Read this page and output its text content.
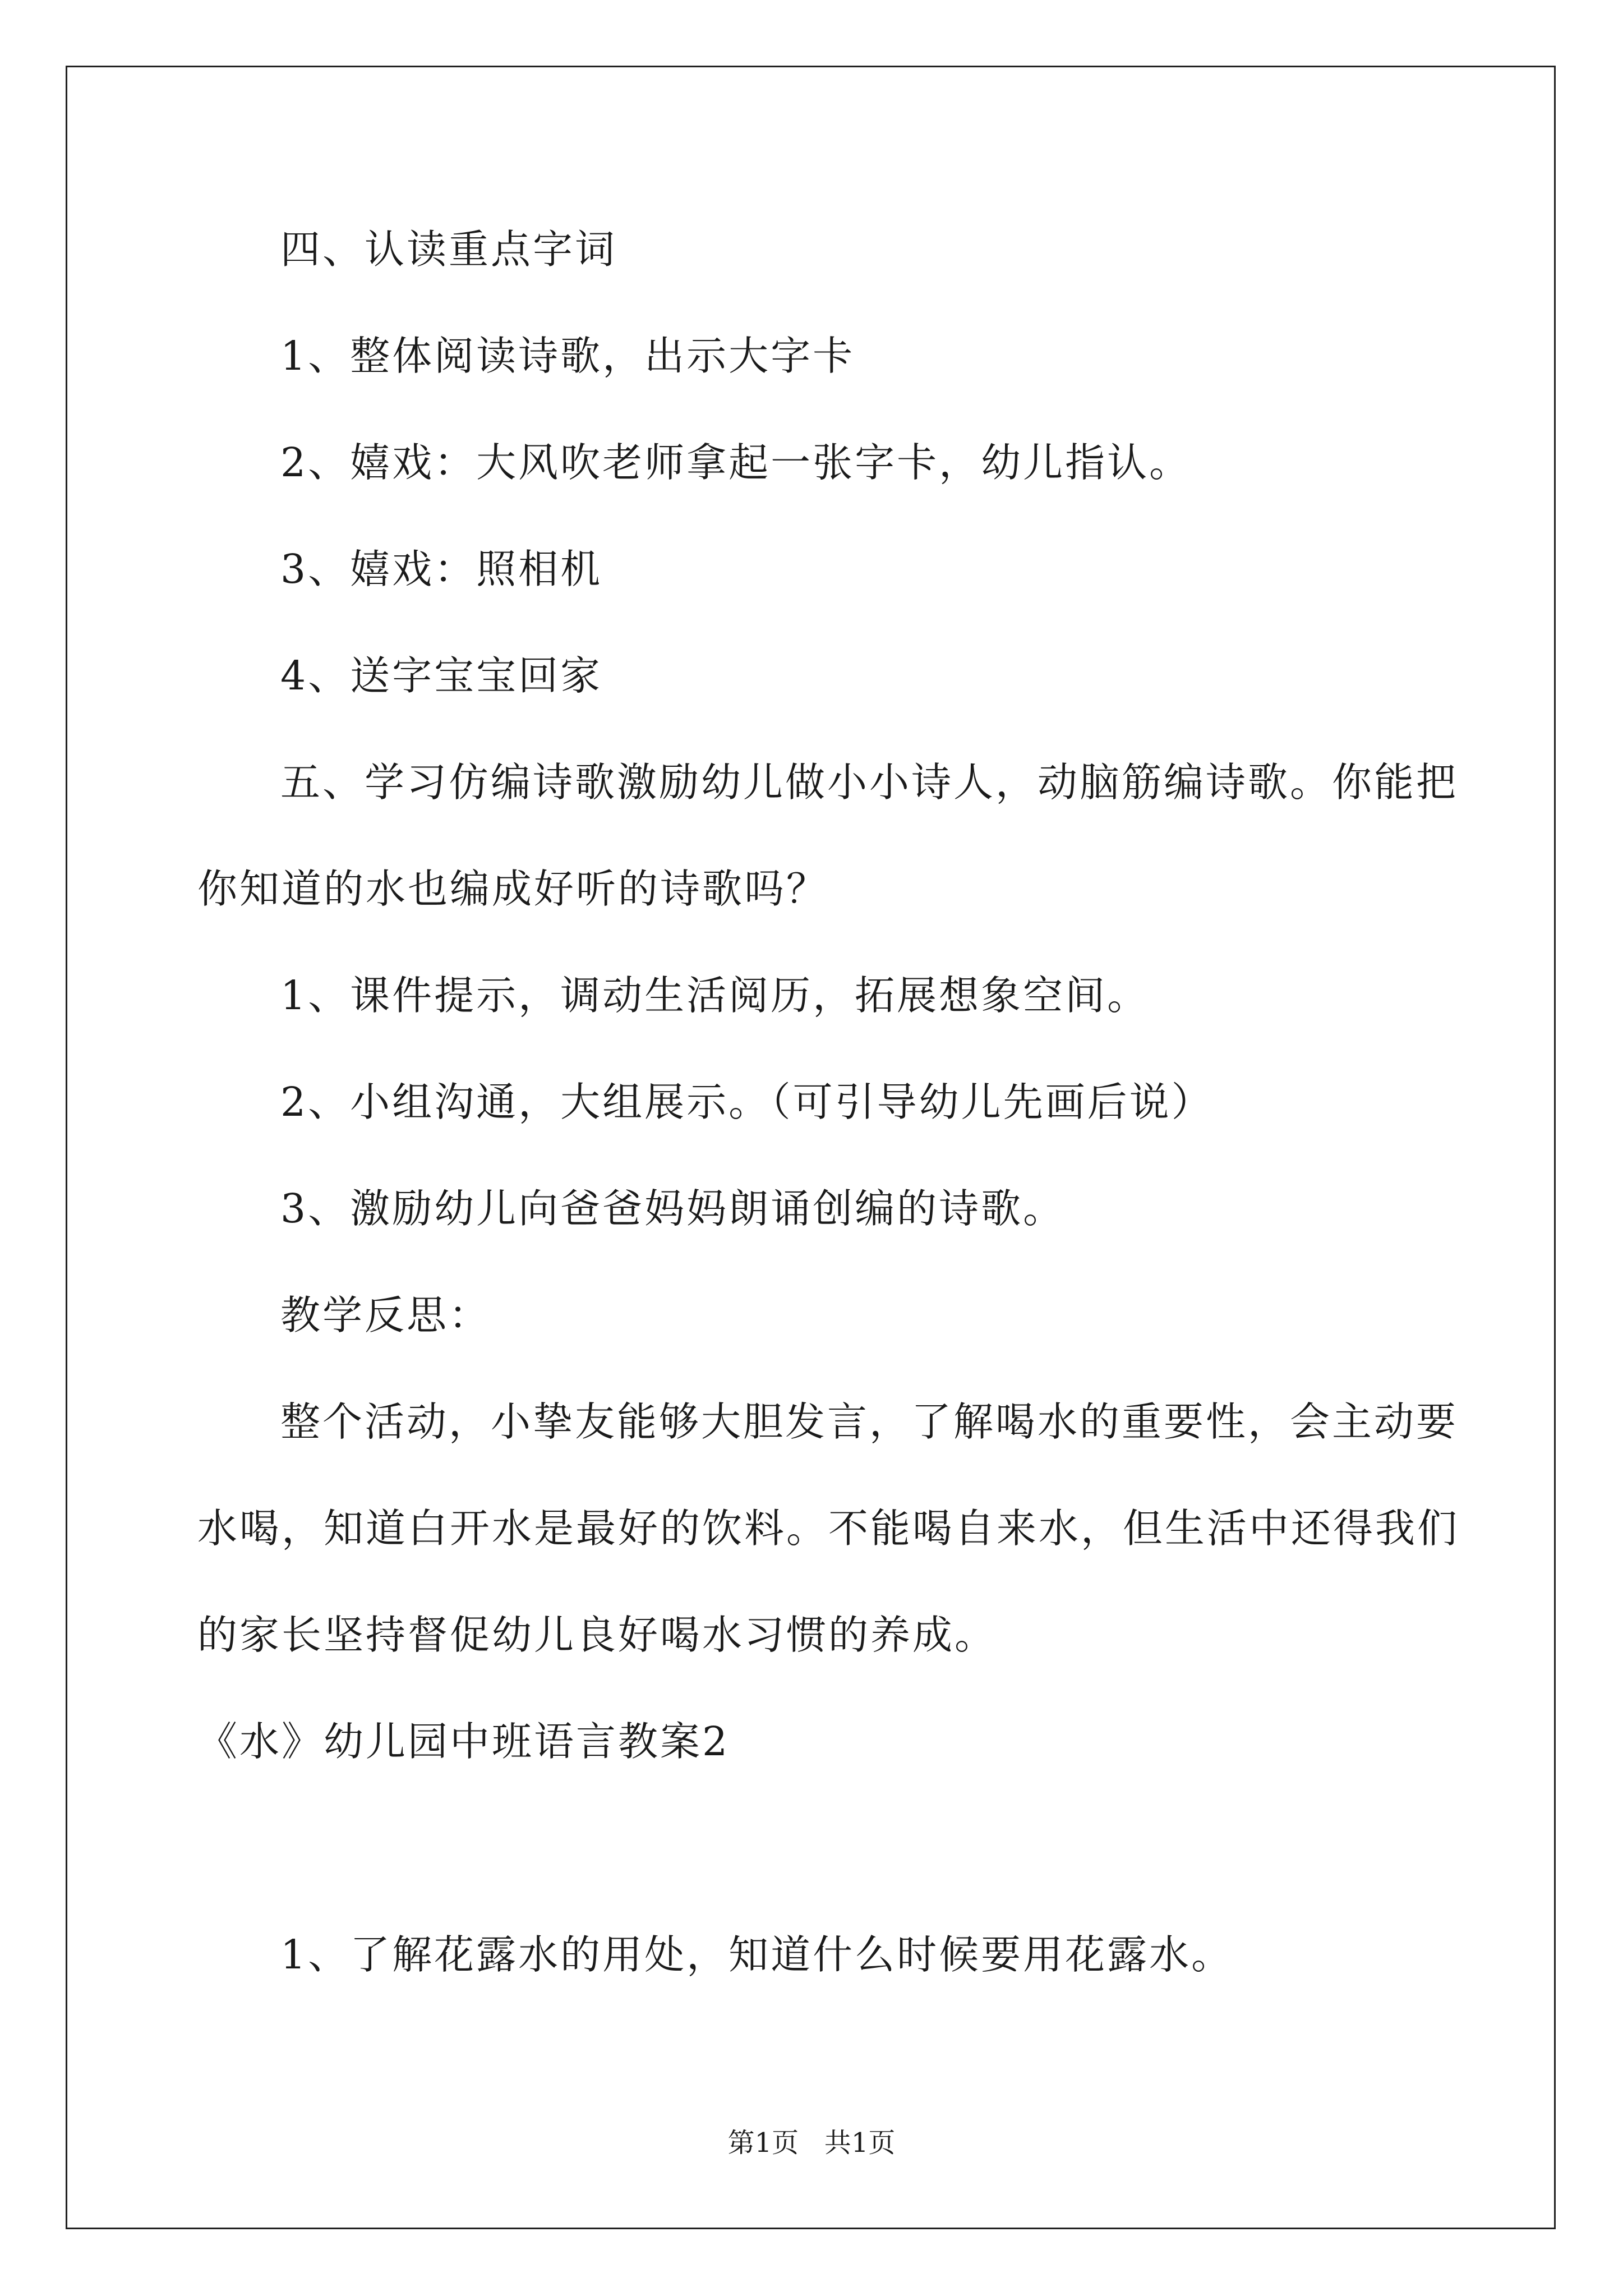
四、认读重点字词
1、整体阅读诗歌，出示大字卡
2、嬉戏：大风吹老师拿起一张字卡，幼儿指认。
3、嬉戏：照相机
4、送字宝宝回家
五、学习仿编诗歌激励幼儿做小小诗人，动脑筋编诗歌。你能把
你知道的水也编成好听的诗歌吗？
1、课件提示，调动生活阅历，拓展想象空间。
2、小组沟通，大组展示。（可引导幼儿先画后说）
3、激励幼儿向爸爸妈妈朗诵创编的诗歌。
教学反思：
整个活动，小挚友能够大胆发言，了解喝水的重要性，会主动要
水喝，知道白开水是最好的饮料。不能喝自来水，但生活中还得我们
的家长坚持督促幼儿良好喝水习惯的养成。
《水》幼儿园中班语言教案2
1、了解花露水的用处，知道什么时候要用花露水。
第1页   共1页
